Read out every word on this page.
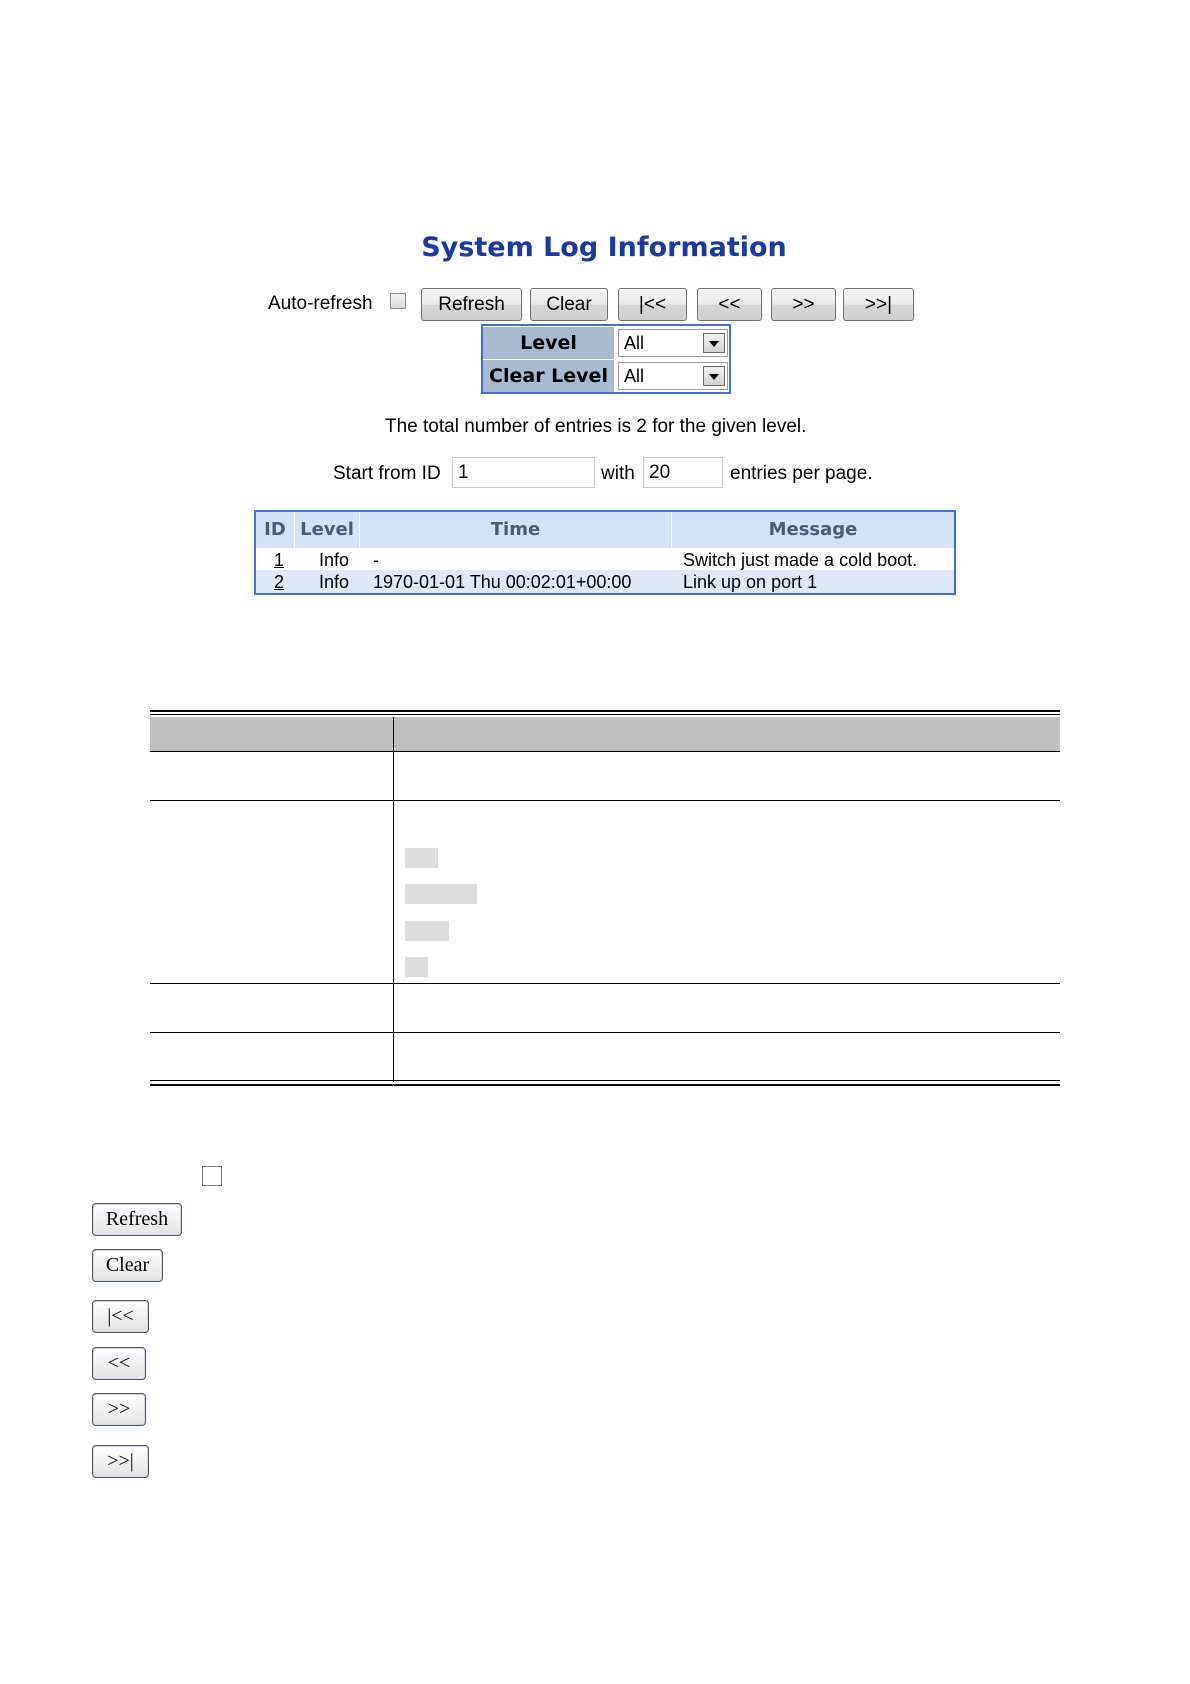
System Log Information
Auto-refresh	Refresh	Clear	|<<	<<	>>	>>|
Level	All
Clear Level All
The total number of entries is 2 for the given level.
Start from ID 1	with 20	entries per page.
ID Level	Time	Message
1 Info -	Switch just made a cold boot.
2 Info 1970-01-01 Thu 00:02:01+00:00	Link up on port 1
Refresh
Clear
|<<
<<
>>
>>|
